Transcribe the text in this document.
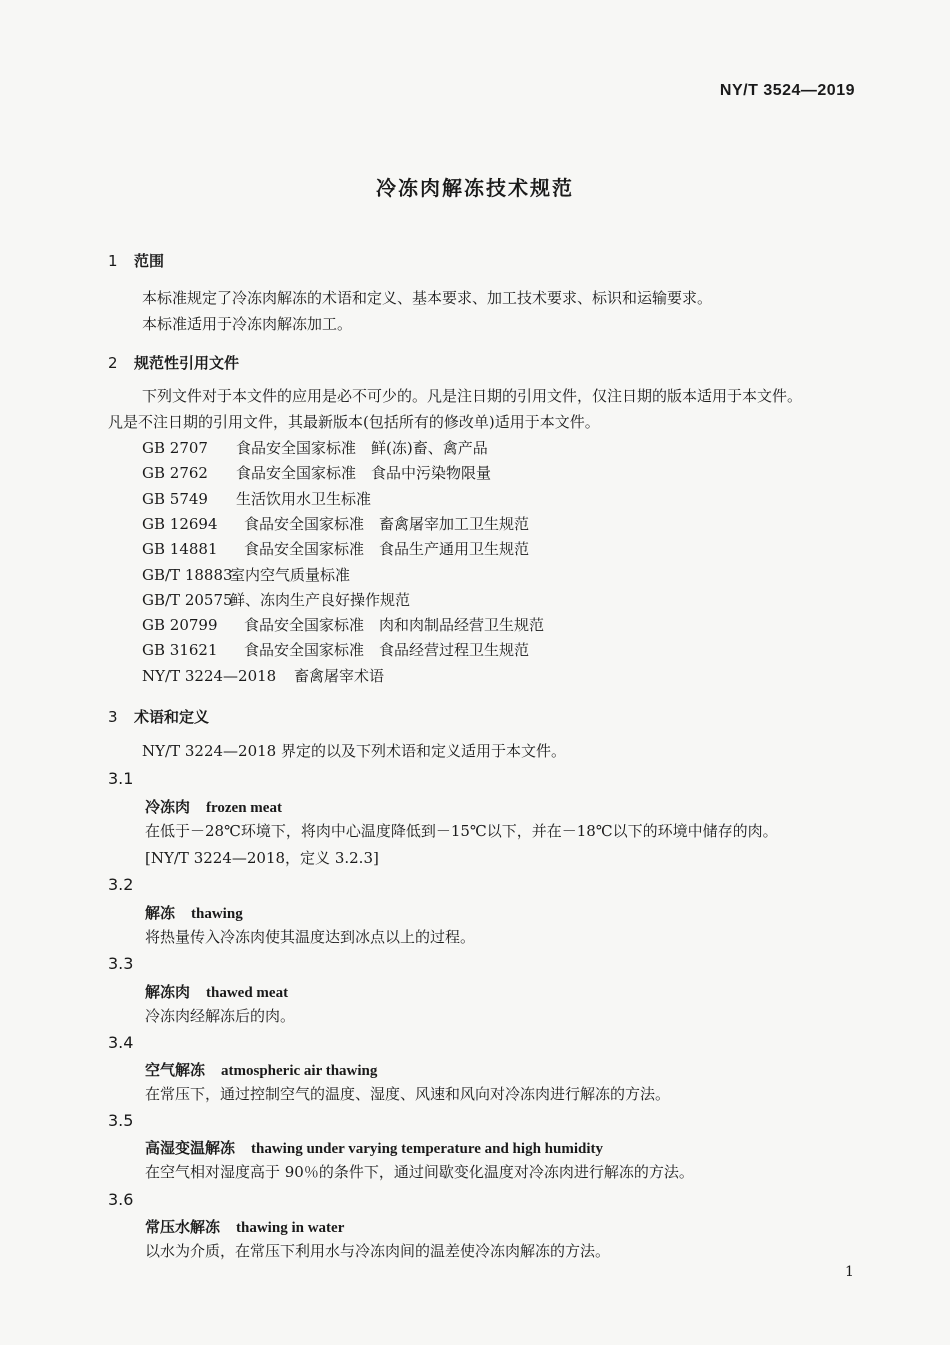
NY/T 3524—2019
冷冻肉解冻技术规范
1 范围
本标准规定了冷冻肉解冻的术语和定义、基本要求、加工技术要求、标识和运输要求。
本标准适用于冷冻肉解冻加工。
2 规范性引用文件
下列文件对于本文件的应用是必不可少的。凡是注日期的引用文件，仅注日期的版本适用于本文件。
凡是不注日期的引用文件，其最新版本(包括所有的修改单)适用于本文件。
GB 2707 食品安全国家标准　鲜(冻)畜、禽产品
GB 2762 食品安全国家标准　食品中污染物限量
GB 5749 生活饮用水卫生标准
GB 12694 食品安全国家标准　畜禽屠宰加工卫生规范
GB 14881 食品安全国家标准　食品生产通用卫生规范
GB/T 18883室内空气质量标准
GB/T 20575鲜、冻肉生产良好操作规范
GB 20799 食品安全国家标准　肉和肉制品经营卫生规范
GB 31621 食品安全国家标准　食品经营过程卫生规范
NY/T 3224—2018 畜禽屠宰术语
3 术语和定义
NY/T 3224—2018 界定的以及下列术语和定义适用于本文件。
3.1
冷冻肉 frozen meat
在低于－28℃环境下，将肉中心温度降低到－15℃以下，并在－18℃以下的环境中储存的肉。
[NY/T 3224—2018，定义 3.2.3]
3.2
解冻 thawing
将热量传入冷冻肉使其温度达到冰点以上的过程。
3.3
解冻肉 thawed meat
冷冻肉经解冻后的肉。
3.4
空气解冻 atmospheric air thawing
在常压下，通过控制空气的温度、湿度、风速和风向对冷冻肉进行解冻的方法。
3.5
高湿变温解冻 thawing under varying temperature and high humidity
在空气相对湿度高于 90％的条件下，通过间歇变化温度对冷冻肉进行解冻的方法。
3.6
常压水解冻 thawing in water
以水为介质，在常压下利用水与冷冻肉间的温差使冷冻肉解冻的方法。
1
